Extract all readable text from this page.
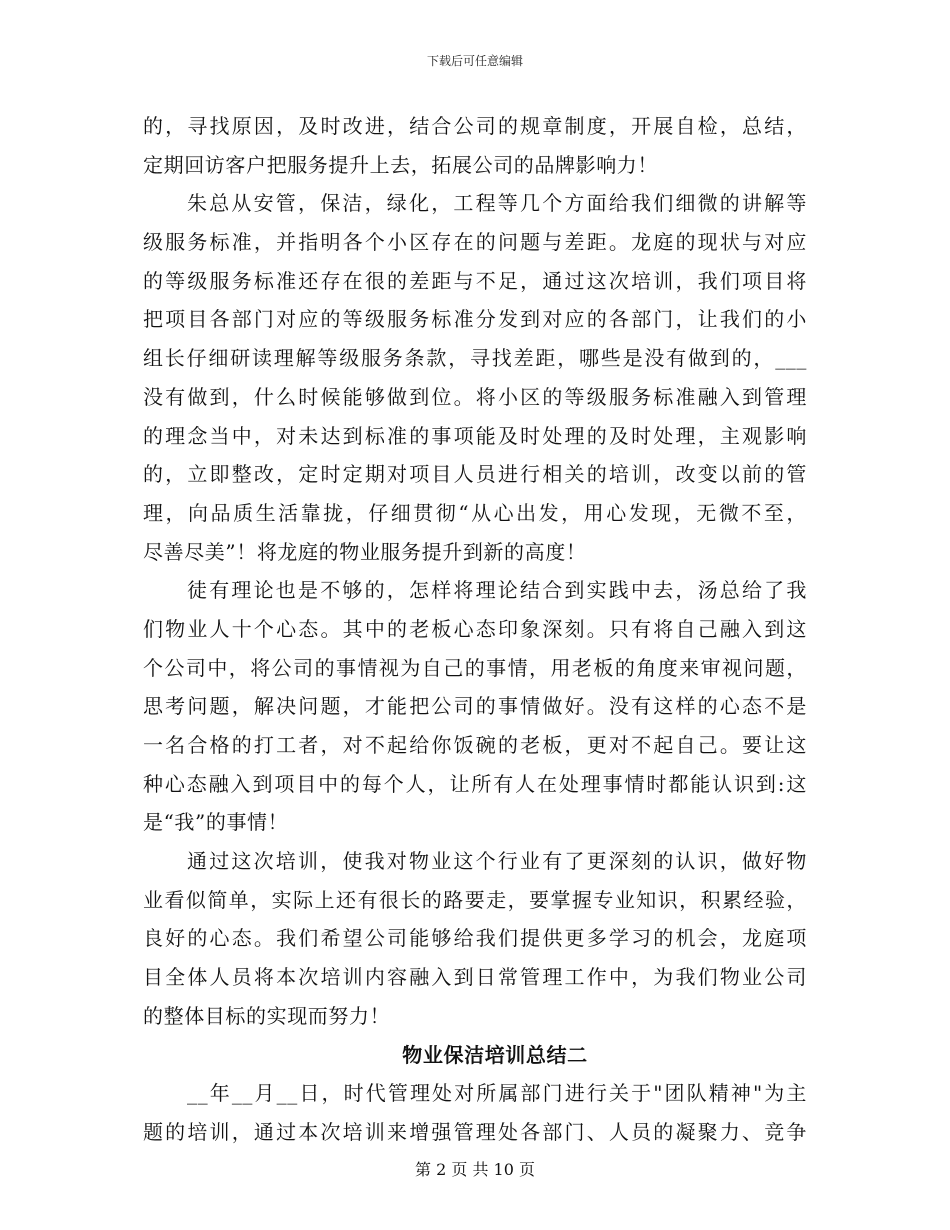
下载后可任意编辑
的，寻找原因，及时改进，结合公司的规章制度，开展自检，总结，
定期回访客户把服务提升上去，拓展公司的品牌影响力！
朱总从安管，保洁，绿化，工程等几个方面给我们细微的讲解等
级服务标准，并指明各个小区存在的问题与差距。龙庭的现状与对应
的等级服务标准还存在很的差距与不足，通过这次培训，我们项目将
把项目各部门对应的等级服务标准分发到对应的各部门，让我们的小
组长仔细研读理解等级服务条款，寻找差距，哪些是没有做到的，___
没有做到，什么时候能够做到位。将小区的等级服务标准融入到管理
的理念当中，对未达到标准的事项能及时处理的及时处理，主观影响
的，立即整改，定时定期对项目人员进行相关的培训，改变以前的管
理，向品质生活靠拢，仔细贯彻“从心出发，用心发现，无微不至，
尽善尽美”！将龙庭的物业服务提升到新的高度！
徒有理论也是不够的，怎样将理论结合到实践中去，汤总给了我
们物业人十个心态。其中的老板心态印象深刻。只有将自己融入到这
个公司中，将公司的事情视为自己的事情，用老板的角度来审视问题，
思考问题，解决问题，才能把公司的事情做好。没有这样的心态不是
一名合格的打工者，对不起给你饭碗的老板，更对不起自己。要让这
种心态融入到项目中的每个人，让所有人在处理事情时都能认识到:这
是“我”的事情！
通过这次培训，使我对物业这个行业有了更深刻的认识，做好物
业看似简单，实际上还有很长的路要走，要掌握专业知识，积累经验，
良好的心态。我们希望公司能够给我们提供更多学习的机会，龙庭项
目全体人员将本次培训内容融入到日常管理工作中，为我们物业公司
的整体目标的实现而努力！
物业保洁培训总结二
__年__月__日，时代管理处对所属部门进行关于"团队精神"为主
题的培训，通过本次培训来增强管理处各部门、人员的凝聚力、竞争
第 2 页 共 10 页
